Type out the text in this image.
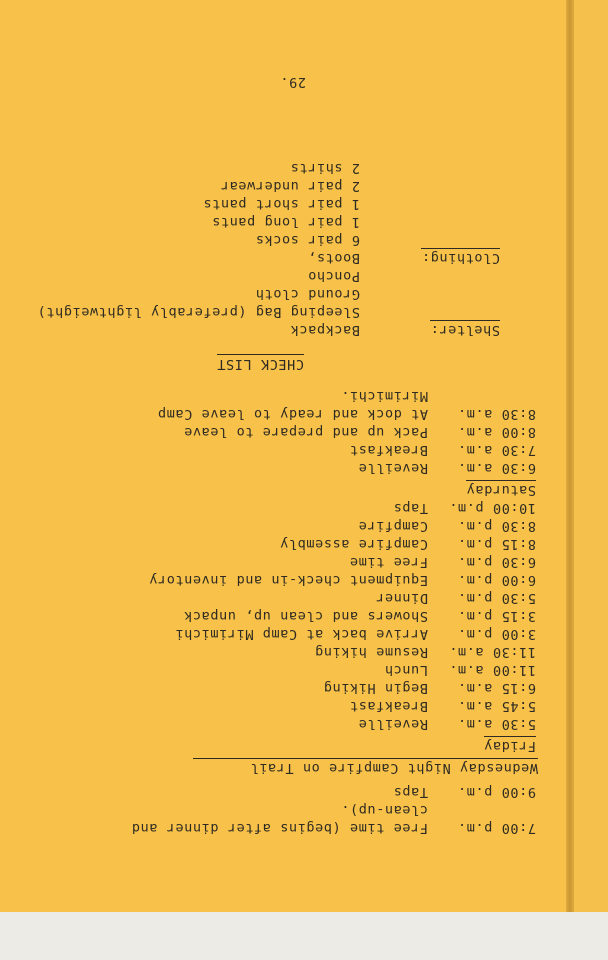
7:00 p.m.
Free time (begins after dinner and
clean-up).
9:00 p.m.
Taps
Wednesday Night Campfire on Trail
Friday
5:30 a.m.
Reveille
5:45 a.m.
Breakfast
6:15 a.m.
Begin Hiking
11:00 a.m.
Lunch
11:30 a.m.
Resume hiking
3:00 p.m.
Arrive back at Camp Mirimichi
3:15 p.m.
Showers and clean up, unpack
5:30 p.m.
Dinner
6:00 p.m.
Equipment check-in and inventory
6:30 p.m.
Free time
8:15 p.m.
Campfire assembly
8:30 p.m.
Campfire
10:00 p.m.
Taps
Saturday
6:30 a.m.
Reveille
7:30 a.m.
Breakfast
8:00 a.m.
Pack up and prepare to leave
8:30 a.m.
At dock and ready to leave Camp
Mirimichi.
CHECK LIST
Shelter:
Backpack
Sleeping Bag (preferably lightweight)
Ground cloth
Poncho
Clothing:
Boots,
6 pair socks
1 pair long pants
1 pair short pants
2 pair underwear
2 shirts
29.
